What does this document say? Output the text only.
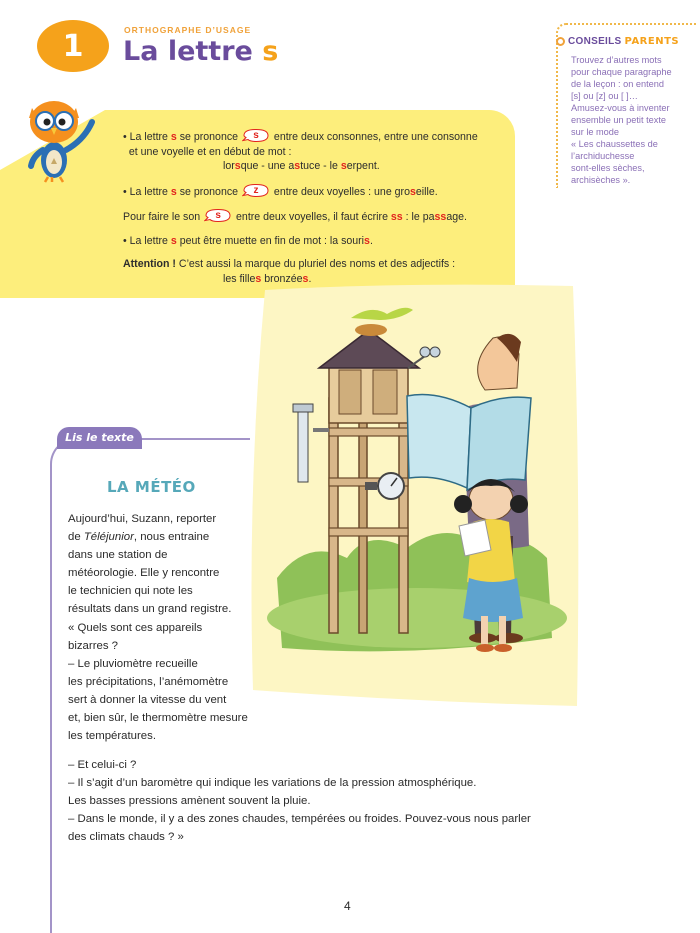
1	ORTHOGRAPHE D’USAGE
La lettre s	CONSEILS PARENTS
Trouvez d’autres mots
pour chaque paragraphe
de la leçon : on entend
[s] ou [z] ou [ ]…
Amusez-vous à inventer
ensemble un petit texte
sur le mode
« Les chaussettes de
l’archiduchesse
sont-elles sèches,
archisèches ».

• La lettre s se prononce	s	entre deux consonnes, entre une consonne
et une voyelle et en début de mot :
lorsque - une astuce - le serpent.

• La lettre s se prononce	z	entre deux voyelles : une groseille.

Pour faire le son	s	entre deux voyelles, il faut écrire ss : le passage.

• La lettre s peut être muette en fin de mot : la souris.

Attention ! C’est aussi la marque du pluriel des noms et des adjectifs :
les filles bronzées.

Lis le texte
LA MÉTÉO
Aujourd’hui, Suzann, reporter
de Téléjunior, nous entraine
dans une station de
météorologie. Elle y rencontre
le technicien qui note les
résultats dans un grand registre.
« Quels sont ces appareils
bizarres ?
– Le pluviomètre recueille
les précipitations, l’anémomètre
sert à donner la vitesse du vent
et, bien sûr, le thermomètre mesure
les températures.
– Et celui-ci ?
– Il s’agit d’un baromètre qui indique les variations de la pression atmosphérique.
Les basses pressions amènent souvent la pluie.
– Dans le monde, il y a des zones chaudes, tempérées ou froides. Pouvez-vous nous parler
des climats chauds ? »
4
